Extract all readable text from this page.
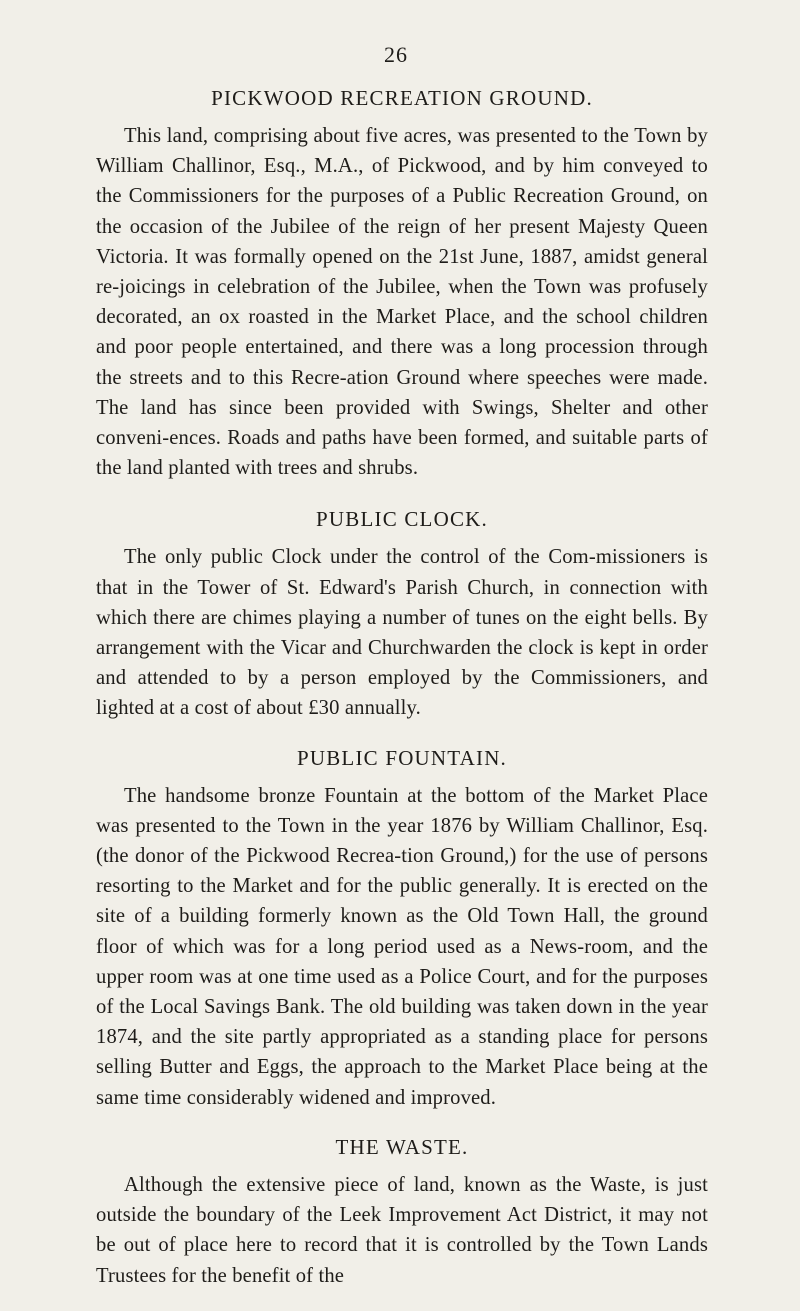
26
PICKWOOD RECREATION GROUND.

This land, comprising about five acres, was presented to the Town by William Challinor, Esq., M.A., of Pickwood, and by him conveyed to the Commissioners for the purposes of a Public Recreation Ground, on the occasion of the Jubilee of the reign of her present Majesty Queen Victoria. It was formally opened on the 21st June, 1887, amidst general re-joicings in celebration of the Jubilee, when the Town was profusely decorated, an ox roasted in the Market Place, and the school children and poor people entertained, and there was a long procession through the streets and to this Recre-ation Ground where speeches were made. The land has since been provided with Swings, Shelter and other conveni-ences. Roads and paths have been formed, and suitable parts of the land planted with trees and shrubs.

PUBLIC CLOCK.

The only public Clock under the control of the Com-missioners is that in the Tower of St. Edward's Parish Church, in connection with which there are chimes playing a number of tunes on the eight bells. By arrangement with the Vicar and Churchwarden the clock is kept in order and attended to by a person employed by the Commissioners, and lighted at a cost of about £30 annually.

PUBLIC FOUNTAIN.

The handsome bronze Fountain at the bottom of the Market Place was presented to the Town in the year 1876 by William Challinor, Esq. (the donor of the Pickwood Recrea-tion Ground,) for the use of persons resorting to the Market and for the public generally. It is erected on the site of a building formerly known as the Old Town Hall, the ground floor of which was for a long period used as a News-room, and the upper room was at one time used as a Police Court, and for the purposes of the Local Savings Bank. The old building was taken down in the year 1874, and the site partly appropriated as a standing place for persons selling Butter and Eggs, the approach to the Market Place being at the same time considerably widened and improved.

THE WASTE.

Although the extensive piece of land, known as the Waste, is just outside the boundary of the Leek Improvement Act District, it may not be out of place here to record that it is controlled by the Town Lands Trustees for the benefit of the
